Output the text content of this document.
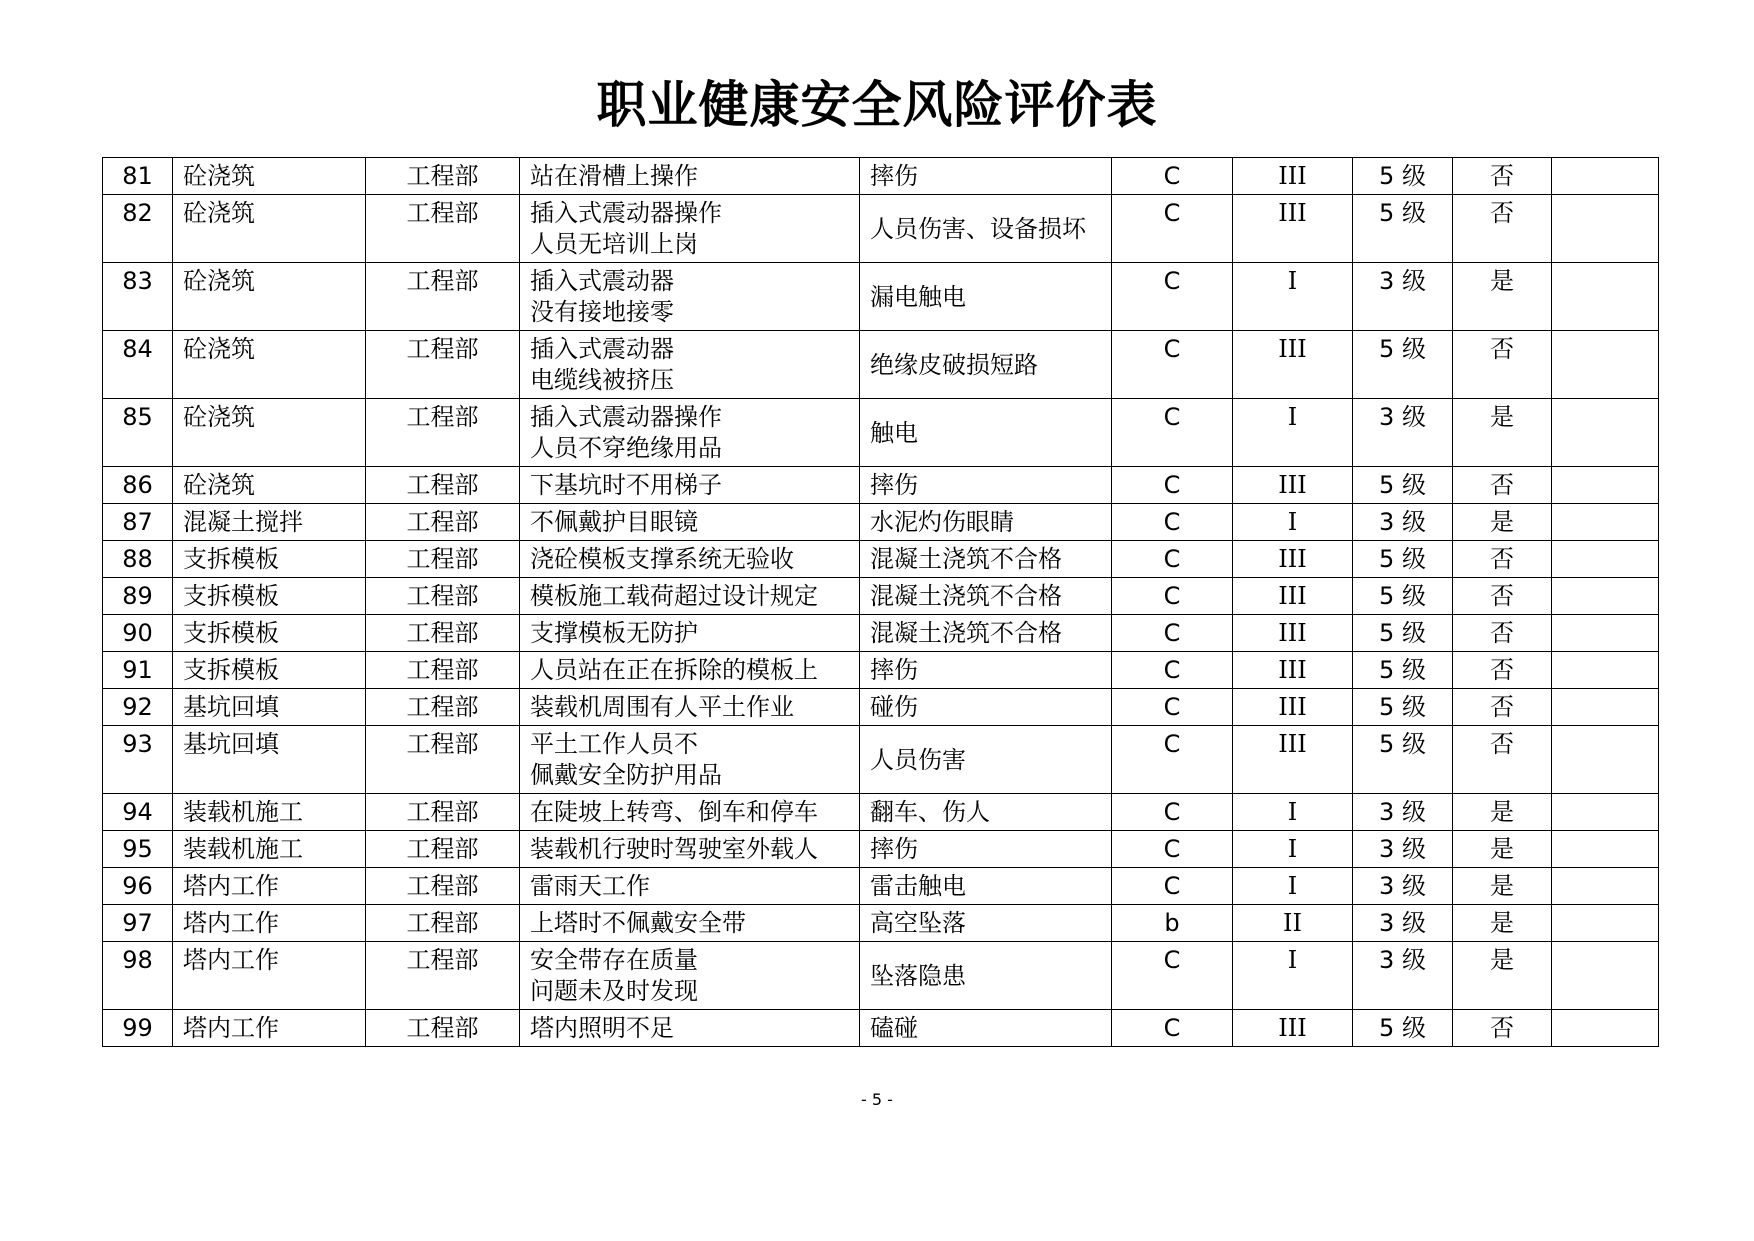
职业健康安全风险评价表
81	砼浇筑	工程部	站在滑槽上操作	摔伤	C	III	5 级	否	
82	砼浇筑	工程部	插入式震动器操作
人员无培训上岗	人员伤害、设备损坏	C	III	5 级	否	
83	砼浇筑	工程部	插入式震动器
没有接地接零	漏电触电	C	I	3 级	是	
84	砼浇筑	工程部	插入式震动器
电缆线被挤压	绝缘皮破损短路	C	III	5 级	否	
85	砼浇筑	工程部	插入式震动器操作
人员不穿绝缘用品	触电	C	I	3 级	是	
86	砼浇筑	工程部	下基坑时不用梯子	摔伤	C	III	5 级	否	
87	混凝土搅拌	工程部	不佩戴护目眼镜	水泥灼伤眼睛	C	I	3 级	是	
88	支拆模板	工程部	浇砼模板支撑系统无验收	混凝土浇筑不合格	C	III	5 级	否	
89	支拆模板	工程部	模板施工载荷超过设计规定	混凝土浇筑不合格	C	III	5 级	否	
90	支拆模板	工程部	支撑模板无防护	混凝土浇筑不合格	C	III	5 级	否	
91	支拆模板	工程部	人员站在正在拆除的模板上	摔伤	C	III	5 级	否	
92	基坑回填	工程部	装载机周围有人平土作业	碰伤	C	III	5 级	否	
93	基坑回填	工程部	平土工作人员不
佩戴安全防护用品	人员伤害	C	III	5 级	否	
94	装载机施工	工程部	在陡坡上转弯、倒车和停车	翻车、伤人	C	I	3 级	是	
95	装载机施工	工程部	装载机行驶时驾驶室外载人	摔伤	C	I	3 级	是	
96	塔内工作	工程部	雷雨天工作	雷击触电	C	I	3 级	是	
97	塔内工作	工程部	上塔时不佩戴安全带	高空坠落	b	II	3 级	是	
98	塔内工作	工程部	安全带存在质量
问题未及时发现	坠落隐患	C	I	3 级	是	
99	塔内工作	工程部	塔内照明不足	磕碰	C	III	5 级	否	
- 5 -
